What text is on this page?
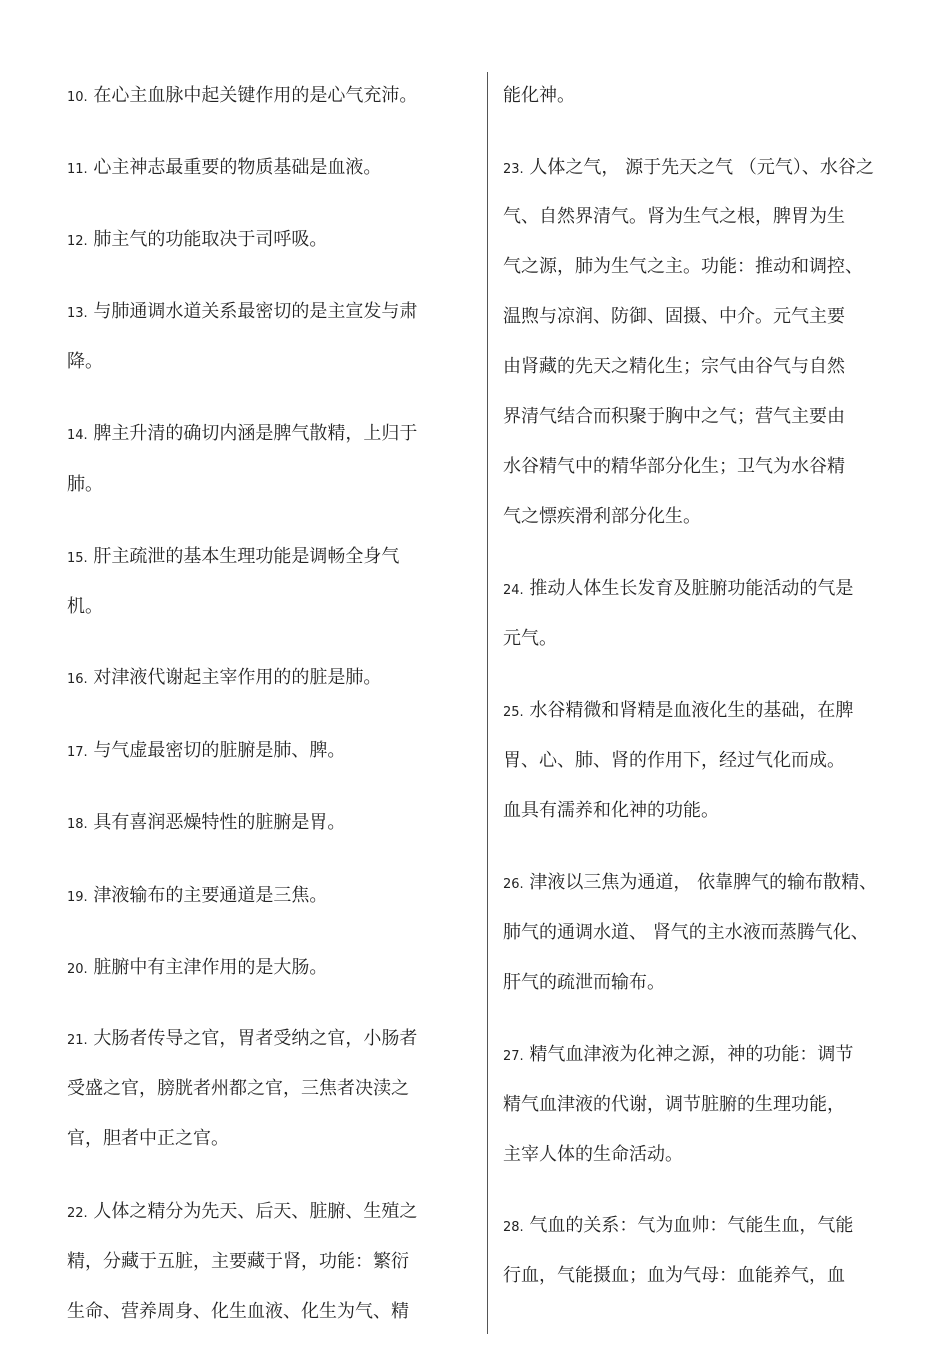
10. 在心主血脉中起关键作用的是心气充沛。
11. 心主神志最重要的物质基础是血液。
12. 肺主气的功能取决于司呼吸。
13. 与肺通调水道关系最密切的是主宣发与肃
降。
14. 脾主升清的确切内涵是脾气散精，上归于
肺。
15. 肝主疏泄的基本生理功能是调畅全身气
机。
16. 对津液代谢起主宰作用的的脏是肺。
17. 与气虚最密切的脏腑是肺、脾。
18. 具有喜润恶燥特性的脏腑是胃。
19. 津液输布的主要通道是三焦。
20. 脏腑中有主津作用的是大肠。
21. 大肠者传导之官，胃者受纳之官，小肠者
受盛之官，膀胱者州都之官，三焦者决渎之
官，胆者中正之官。
22. 人体之精分为先天、后天、脏腑、生殖之
精，分藏于五脏，主要藏于肾，功能：繁衍
生命、营养周身、化生血液、化生为气、精
能化神。
23. 人体之气， 源于先天之气 （元气）、水谷之
气、自然界清气。肾为生气之根，脾胃为生
气之源，肺为生气之主。功能：推动和调控、
温煦与凉润、防御、固摄、中介。元气主要
由肾藏的先天之精化生；宗气由谷气与自然
界清气结合而积聚于胸中之气；营气主要由
水谷精气中的精华部分化生；卫气为水谷精
气之慓疾滑利部分化生。
24. 推动人体生长发育及脏腑功能活动的气是
元气。
25. 水谷精微和肾精是血液化生的基础，在脾
胃、心、肺、肾的作用下，经过气化而成。
血具有濡养和化神的功能。
26. 津液以三焦为通道， 依靠脾气的输布散精、
肺气的通调水道、 肾气的主水液而蒸腾气化、
肝气的疏泄而输布。
27. 精气血津液为化神之源，神的功能：调节
精气血津液的代谢，调节脏腑的生理功能，
主宰人体的生命活动。
28. 气血的关系：气为血帅：气能生血，气能
行血，气能摄血；血为气母：血能养气，血
